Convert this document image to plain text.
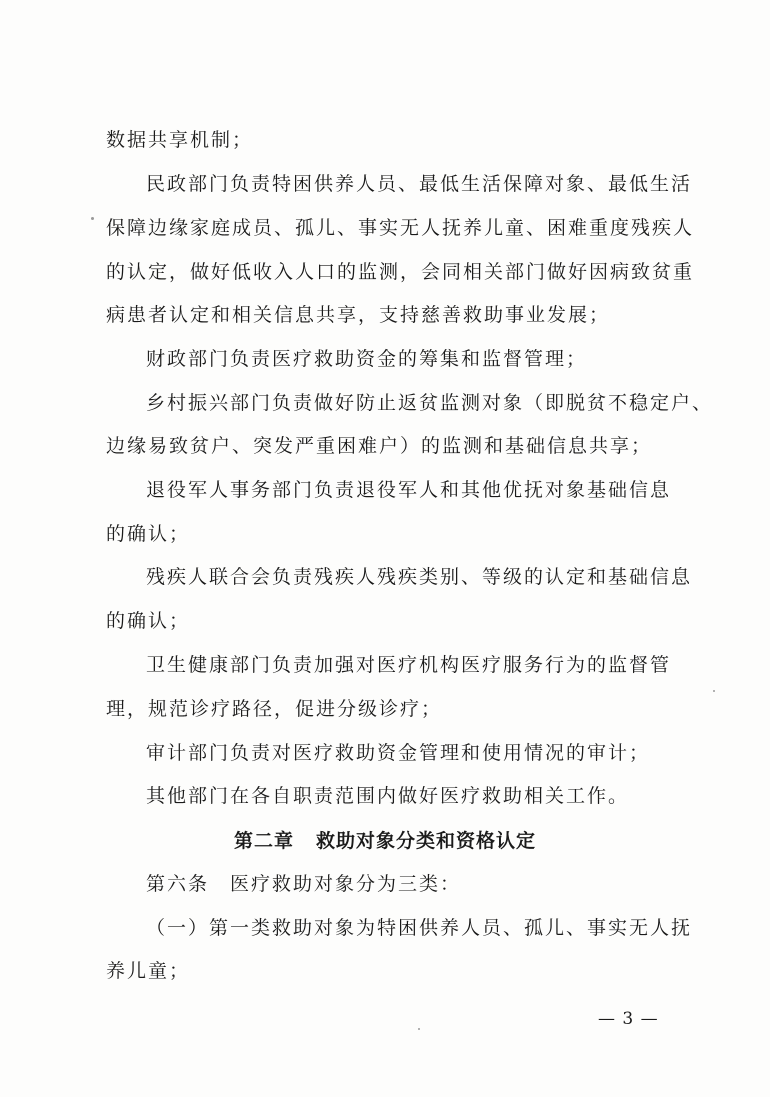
数据共享机制；
民政部门负责特困供养人员、最低生活保障对象、最低生活
保障边缘家庭成员、孤儿、事实无人抚养儿童、困难重度残疾人
的认定，做好低收入人口的监测，会同相关部门做好因病致贫重
病患者认定和相关信息共享，支持慈善救助事业发展；
财政部门负责医疗救助资金的筹集和监督管理；
乡村振兴部门负责做好防止返贫监测对象（即脱贫不稳定户、
边缘易致贫户、突发严重困难户）的监测和基础信息共享；
退役军人事务部门负责退役军人和其他优抚对象基础信息
的确认；
残疾人联合会负责残疾人残疾类别、等级的认定和基础信息
的确认；
卫生健康部门负责加强对医疗机构医疗服务行为的监督管
理，规范诊疗路径，促进分级诊疗；
审计部门负责对医疗救助资金管理和使用情况的审计；
其他部门在各自职责范围内做好医疗救助相关工作。
第二章 救助对象分类和资格认定
第六条　医疗救助对象分为三类：
（一）第一类救助对象为特困供养人员、孤儿、事实无人抚
养儿童；
— 3 —
